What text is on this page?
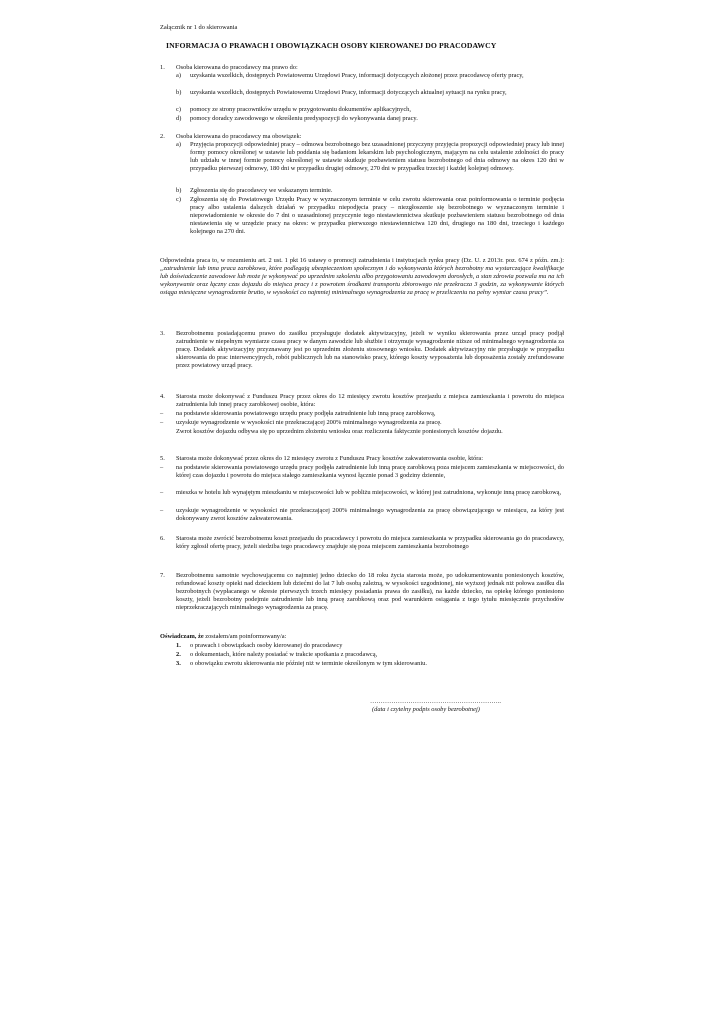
Załącznik nr 1 do skierowania
INFORMACJA O PRAWACH I OBOWIĄZKACH OSOBY KIEROWANEJ DO PRACODAWCY
1. Osoba kierowana do pracodawcy ma prawo do:
a) uzyskania wszelkich, dostępnych Powiatowemu Urzędowi Pracy, informacji dotyczących złożonej przez pracodawcę oferty pracy,
b) uzyskania wszelkich, dostępnych Powiatowemu Urzędowi Pracy, informacji dotyczących aktualnej sytuacji na rynku pracy,
c) pomocy ze strony pracowników urzędu w przygotowaniu dokumentów aplikacyjnych,
d) pomocy doradcy zawodowego w określeniu predyspozycji do wykonywania danej pracy.
2. Osoba kierowana do pracodawcy ma obowiązek:
a) Przyjęcia propozycji odpowiedniej pracy – odmowa bezrobotnego bez uzasadnionej przyczyny przyjęcia propozycji odpowiedniej pracy lub innej formy pomocy określonej w ustawie lub poddania się badaniom lekarskim lub psychologicznym, mającym na celu ustalenie zdolności do pracy lub udziału w innej formie pomocy określonej w ustawie skutkuje pozbawieniem statusu bezrobotnego od dnia odmowy na okres 120 dni w przypadku pierwszej odmowy, 180 dni w przypadku drugiej odmowy, 270 dni w przypadku trzeciej i każdej kolejnej odmowy.
b) Zgłoszenia się do pracodawcy we wskazanym terminie.
c) Zgłoszenia się do Powiatowego Urzędu Pracy w wyznaczonym terminie w celu zwrotu skierowania oraz poinformowania o terminie podjęcia pracy albo ustalenia dalszych działań w przypadku niepodjęcia pracy – niezgłoszenie się bezrobotnego w wyznaczonym terminie i niepowiadomienie w okresie do 7 dni o uzasadnionej przyczynie tego niestawiennictwa skutkuje pozbawieniem statusu bezrobotnego od dnia niestawienia się w urzędzie pracy na okres: w przypadku pierwszego niestawiennictwa 120 dni, drugiego na 180 dni, trzeciego i każdego kolejnego na 270 dni.
Odpowiednia praca to, w rozumieniu art. 2 ust. 1 pkt 16 ustawy o promocji zatrudnienia i instytucjach rynku pracy (Dz. U. z 2013r. poz. 674 z późn. zm.): „zatrudnienie lub inna praca zarobkowa, które podlegają ubezpieczeniom społecznym i do wykonywania których bezrobotny ma wystarczające kwalifikacje lub doświadczenie zawodowe lub może je wykonywać po uprzednim szkoleniu albo przygotowaniu zawodowym dorosłych, a stan zdrowia pozwala mu na ich wykonywanie oraz łączny czas dojazdu do miejsca pracy i z powrotem środkami transportu zbiorowego nie przekracza 3 godzin, za wykonywanie których osiąga miesięczne wynagrodzenie brutto, w wysokości co najmniej minimalnego wynagrodzenia za pracę w przeliczeniu na pełny wymiar czasu pracy”.
3. Bezrobotnemu posiadającemu prawo do zasiłku przysługuje dodatek aktywizacyjny, jeżeli w wyniku skierowania przez urząd pracy podjął zatrudnienie w niepełnym wymiarze czasu pracy w danym zawodzie lub służbie i otrzymuje wynagrodzenie niższe od minimalnego wynagrodzenia za pracę. Dodatek aktywizacyjny przyznawany jest po uprzednim złożeniu stosownego wniosku. Dodatek aktywizacyjny nie przysługuje w przypadku skierowania do prac interwencyjnych, robót publicznych lub na stanowisko pracy, którego koszty wyposażenia lub doposażenia zostały zrefundowane przez powiatowy urząd pracy.
4. Starosta może dokonywać z Funduszu Pracy przez okres do 12 miesięcy zwrotu kosztów przejazdu z miejsca zamieszkania i powrotu do miejsca zatrudnienia lub innej pracy zarobkowej osobie, która:
– na podstawie skierowania powiatowego urzędu pracy podjęła zatrudnienie lub inną pracę zarobkową,
– uzyskuje wynagrodzenie w wysokości nie przekraczającej 200% minimalnego wynagrodzenia za pracę.
Zwrot kosztów dojazdu odbywa się po uprzednim złożeniu wniosku oraz rozliczenia faktycznie poniesionych kosztów dojazdu.
5. Starosta może dokonywać przez okres do 12 miesięcy zwrotu z Funduszu Pracy kosztów zakwaterowania osobie, która:
– na podstawie skierowania powiatowego urzędu pracy podjęła zatrudnienie lub inną pracę zarobkową poza miejscem zamieszkania w miejscowości, do której czas dojazdu i powrotu do miejsca stałego zamieszkania wynosi łącznie ponad 3 godziny dziennie,
– mieszka w hotelu lub wynajętym mieszkaniu w miejscowości lub w pobliżu miejscowości, w której jest zatrudniona, wykonuje inną pracę zarobkową,
– uzyskuje wynagrodzenie w wysokości nie przekraczającej 200% minimalnego wynagrodzenia za pracę obowiązującego w miesiącu, za który jest dokonywany zwrot kosztów zakwaterowania.
6. Starosta może zwrócić bezrobotnemu koszt przejazdu do pracodawcy i powrotu do miejsca zamieszkania w przypadku skierowania go do pracodawcy, który zgłosił ofertę pracy, jeżeli siedziba tego pracodawcy znajduje się poza miejscem zamieszkania bezrobotnego
7. Bezrobotnemu samotnie wychowującemu co najmniej jedno dziecko do 18 roku życia starosta może, po udokumentowaniu poniesionych kosztów, refundować koszty opieki nad dzieckiem lub dziećmi do lat 7 lub osobą zależną, w wysokości uzgodnionej, nie wyższej jednak niż połowa zasiłku dla bezrobotnych (wypłacanego w okresie pierwszych trzech miesięcy posiadania prawa do zasiłku), na każde dziecko, na opiekę którego poniesiono koszty, jeżeli bezrobotny podejmie zatrudnienie lub inną pracę zarobkową oraz pod warunkiem osiągania z tego tytułu miesięcznie przychodów nieprzekraczających minimalnego wynagrodzenia za pracę.
Oświadczam, że zostałem/am poinformowany/a:
1. o prawach i obowiązkach osoby kierowanej do pracodawcy
2. o dokumentach, które należy posiadać w trakcie spotkania z pracodawcą,
3. o obowiązku zwrotu skierowania nie później niż w terminie określonym w tym skierowaniu.
……………………………………………………..
(data i czytelny podpis osoby bezrobotnej)
